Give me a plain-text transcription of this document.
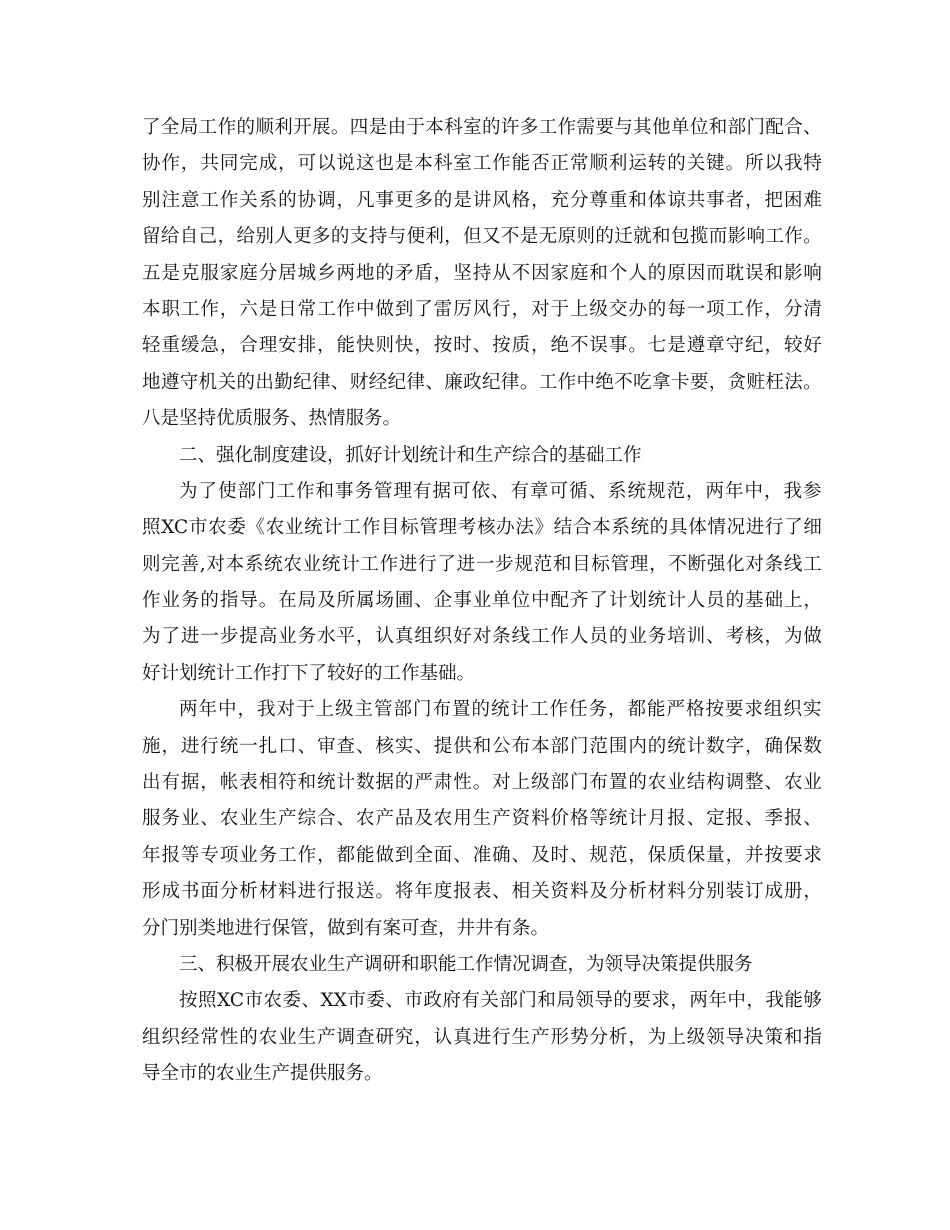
了 全 局 工 作 的 顺 利 开 展 。 四 是 由 于 本 科 室 的 许 多 工 作 需 要 与 其 他 单 位 和 部 门 配 合 、
协 作 ， 共 同 完 成 ， 可 以 说 这 也 是 本 科 室 工 作 能 否 正 常 顺 利 运 转 的 关 键 。 所 以 我 特
别 注 意 工 作 关 系 的 协 调 ， 凡 事 更 多 的 是 讲 风 格 ， 充 分 尊 重 和 体 谅 共 事 者 ， 把 困 难
留 给 自 己 ， 给 别 人 更 多 的 支 持 与 便 利 ， 但 又 不 是 无 原 则 的 迁 就 和 包 揽 而 影 响 工 作 。
五 是 克 服 家 庭 分 居 城 乡 两 地 的 矛 盾 ， 坚 持 从 不 因 家 庭 和 个 人 的 原 因 而 耽 误 和 影 响
本 职 工 作 ， 六 是 日 常 工 作 中 做 到 了 雷 厉 风 行 ， 对 于 上 级 交 办 的 每 一 项 工 作 ， 分 清
轻 重 缓 急 ， 合 理 安 排 ， 能 快 则 快 ， 按 时 、 按 质 ， 绝 不 误 事 。 七 是 遵 章 守 纪 ， 较 好
地 遵 守 机 关 的 出 勤 纪 律 、 财 经 纪 律 、 廉 政 纪 律 。 工 作 中 绝 不 吃 拿 卡 要 ， 贪 赃 枉 法 。
八是坚持优质服务、热情服务。
二、强化制度建设，抓好计划统计和生产综合的基础工作
为 了 使 部 门 工 作 和 事 务 管 理 有 据 可 依 、 有 章 可 循 、 系 统 规 范 ， 两 年 中 ， 我 参
照 XC 市 农 委 《 农 业 统 计 工 作 目 标 管 理 考 核 办 法 》 结 合 本 系 统 的 具 体 情 况 进 行 了 细
则 完 善 , 对 本 系 统 农 业 统 计 工 作 进 行 了 进 一 步 规 范 和 目 标 管 理 ， 不 断 强 化 对 条 线 工
作 业 务 的 指 导 。 在 局 及 所 属 场 圃 、 企 事 业 单 位 中 配 齐 了 计 划 统 计 人 员 的 基 础 上 ，
为 了 进 一 步 提 高 业 务 水 平 ， 认 真 组 织 好 对 条 线 工 作 人 员 的 业 务 培 训 、 考 核 ， 为 做
好计划统计工作打下了较好的工作基础。
两 年 中 ， 我 对 于 上 级 主 管 部 门 布 置 的 统 计 工 作 任 务 ， 都 能 严 格 按 要 求 组 织 实
施 ， 进 行 统 一 扎 口 、 审 查 、 核 实 、 提 供 和 公 布 本 部 门 范 围 内 的 统 计 数 字 ， 确 保 数
出 有 据 ， 帐 表 相 符 和 统 计 数 据 的 严 肃 性 。 对 上 级 部 门 布 置 的 农 业 结 构 调 整 、 农 业
服 务 业 、 农 业 生 产 综 合 、 农 产 品 及 农 用 生 产 资 料 价 格 等 统 计 月 报 、 定 报 、 季 报 、
年 报 等 专 项 业 务 工 作 ， 都 能 做 到 全 面 、 准 确 、 及 时 、 规 范 ， 保 质 保 量 ， 并 按 要 求
形 成 书 面 分 析 材 料 进 行 报 送 。 将 年 度 报 表 、 相 关 资 料 及 分 析 材 料 分 别 装 订 成 册 ，
分门别类地进行保管，做到有案可查，井井有条。
三、积极开展农业生产调研和职能工作情况调查，为领导决策提供服务
按 照 XC 市 农 委 、 XX 市 委 、 市 政 府 有 关 部 门 和 局 领 导 的 要 求 ， 两 年 中 ， 我 能 够
组 织 经 常 性 的 农 业 生 产 调 查 研 究 ， 认 真 进 行 生 产 形 势 分 析 ， 为 上 级 领 导 决 策 和 指
导全市的农业生产提供服务。
